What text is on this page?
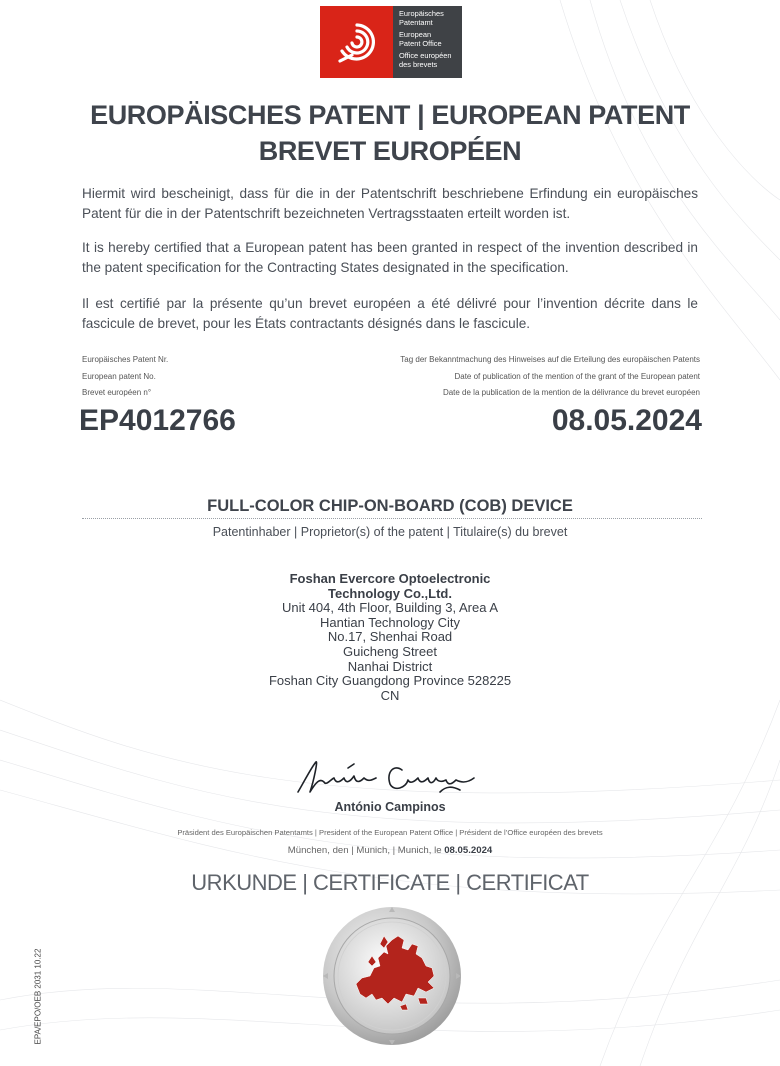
Europäisches
Patentamt
European
Patent Office
Office européen
des brevets
EUROPÄISCHES PATENT | EUROPEAN PATENT
BREVET EUROPÉEN
Hiermit wird bescheinigt, dass für die in der Patentschrift beschriebene Erfindung ein europäisches Patent für die in der Patentschrift bezeichneten Vertragsstaaten erteilt worden ist.
It is hereby certified that a European patent has been granted in respect of the invention described in the patent specification for the Contracting States designated in the specification.
Il est certifié par la présente qu’un brevet européen a été délivré pour l’invention décrite dans le fascicule de brevet, pour les États contractants désignés dans le fascicule.
Europäisches Patent Nr.
European patent No.
Brevet européen n°
Tag der Bekanntmachung des Hinweises auf die Erteilung des europäischen Patents
Date of publication of the mention of the grant of the European patent
Date de la publication de la mention de la délivrance du brevet européen
EP4012766	08.05.2024
FULL-COLOR CHIP-ON-BOARD (COB) DEVICE
Patentinhaber | Proprietor(s) of the patent | Titulaire(s) du brevet
Foshan Evercore Optoelectronic
Technology Co.,Ltd.
Unit 404, 4th Floor, Building 3, Area A
Hantian Technology City
No.17, Shenhai Road
Guicheng Street
Nanhai District
Foshan City Guangdong Province 528225
CN
António Campinos
Präsident des Europäischen Patentamts | President of the European Patent Office | Président de l’Office européen des brevets
München, den | Munich, | Munich, le 08.05.2024
URKUNDE | CERTIFICATE | CERTIFICAT
EPA/EPO/OEB 2031 10.22
